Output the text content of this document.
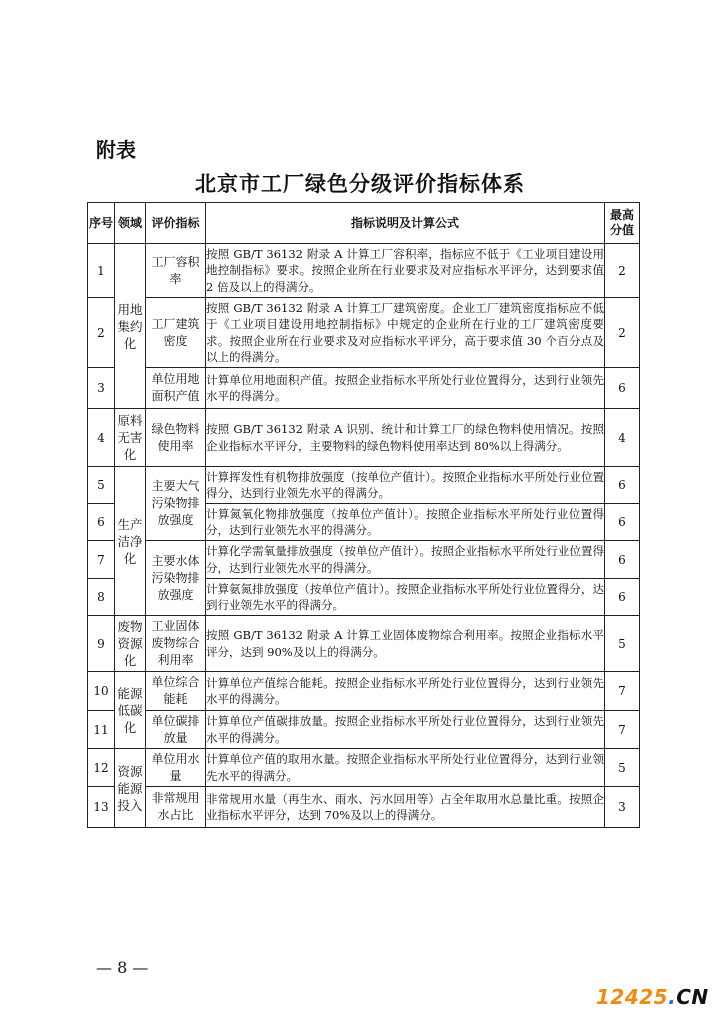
附表
北京市工厂绿色分级评价指标体系
序号	领域	评价指标	指标说明及计算公式	最高分值
1	用地集约化	工厂容积率	按照 GB/T 36132 附录 A 计算工厂容积率，指标应不低于《工业项目建设用地控制指标》要求。按照企业所在行业要求及对应指标水平评分，达到要求值 2 倍及以上的得满分。	2
2		工厂建筑密度	按照 GB/T 36132 附录 A 计算工厂建筑密度。企业工厂建筑密度指标应不低于《工业项目建设用地控制指标》中规定的企业所在行业的工厂建筑密度要求。按照企业所在行业要求及对应指标水平评分，高于要求值 30 个百分点及以上的得满分。	2
3		单位用地面积产值	计算单位用地面积产值。按照企业指标水平所处行业位置得分，达到行业领先水平的得满分。	6
4	原料无害化	绿色物料使用率	按照 GB/T 36132 附录 A 识别、统计和计算工厂的绿色物料使用情况。按照企业指标水平评分，主要物料的绿色物料使用率达到 80%以上得满分。	4
5	生产洁净化	主要大气污染物排放强度	计算挥发性有机物排放强度（按单位产值计）。按照企业指标水平所处行业位置得分，达到行业领先水平的得满分。	6
6			计算氮氧化物排放强度（按单位产值计）。按照企业指标水平所处行业位置得分，达到行业领先水平的得满分。	6
7		主要水体污染物排放强度	计算化学需氧量排放强度（按单位产值计）。按照企业指标水平所处行业位置得分，达到行业领先水平的得满分。	6
8			计算氨氮排放强度（按单位产值计）。按照企业指标水平所处行业位置得分，达到行业领先水平的得满分。	6
9	废物资源化	工业固体废物综合利用率	按照 GB/T 36132 附录 A 计算工业固体废物综合利用率。按照企业指标水平评分，达到 90%及以上的得满分。	5
10	能源低碳化	单位综合能耗	计算单位产值综合能耗。按照企业指标水平所处行业位置得分，达到行业领先水平的得满分。	7
11		单位碳排放量	计算单位产值碳排放量。按照企业指标水平所处行业位置得分，达到行业领先水平的得满分。	7
12	资源能源投入	单位用水量	计算单位产值的取用水量。按照企业指标水平所处行业位置得分，达到行业领先水平的得满分。	5
13		非常规用水占比	非常规用水量（再生水、雨水、污水回用等）占全年取用水总量比重。按照企业指标水平评分，达到 70%及以上的得满分。	3
— 8 —
12425.CN
